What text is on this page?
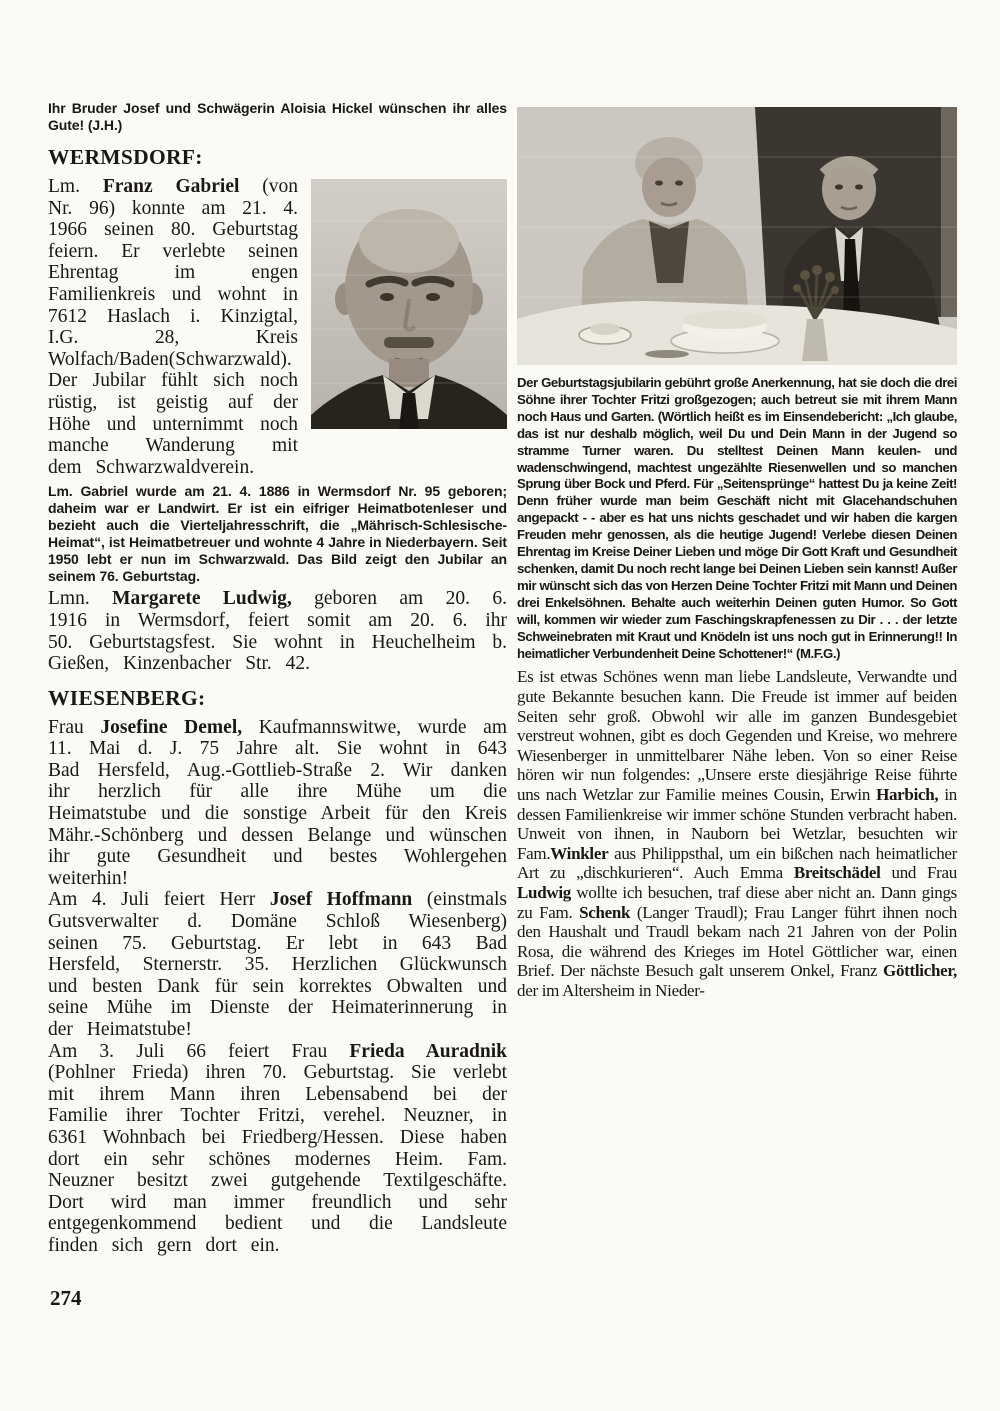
Ihr Bruder Josef und Schwägerin Aloisia Hickel wünschen ihr alles Gute! (J.H.)

WERMSDORF:
Lm. Franz Gabriel (von Nr. 96) konnte am 21. 4. 1966 seinen 80. Geburtstag feiern. Er verlebte seinen Ehrentag im engen Familienkreis und wohnt in 7612 Haslach i. Kinzigtal, I.G. 28, Kreis Wolfach/Baden(Schwarzwald). Der Jubilar fühlt sich noch rüstig, ist geistig auf der Höhe und unternimmt noch manche Wanderung mit dem Schwarzwaldverein.

Lm. Gabriel wurde am 21. 4. 1886 in Wermsdorf Nr. 95 geboren; daheim war er Landwirt. Er ist ein eifriger Heimatbotenleser und bezieht auch die Vierteljahresschrift, die „Mährisch-Schlesische-Heimat“, ist Heimatbetreuer und wohnte 4 Jahre in Niederbayern. Seit 1950 lebt er nun im Schwarzwald. Das Bild zeigt den Jubilar an seinem 76. Geburtstag.

Lmn. Margarete Ludwig, geboren am 20. 6. 1916 in Wermsdorf, feiert somit am 20. 6. ihr 50. Geburtstagsfest. Sie wohnt in Heuchelheim b. Gießen, Kinzenbacher Str. 42.

WIESENBERG:

Frau Josefine Demel, Kaufmannswitwe, wurde am 11. Mai d. J. 75 Jahre alt. Sie wohnt in 643 Bad Hersfeld, Aug.-Gottlieb-Straße 2. Wir danken ihr herzlich für alle ihre Mühe um die Heimatstube und die sonstige Arbeit für den Kreis Mähr.-Schönberg und dessen Belange und wünschen ihr gute Gesundheit und bestes Wohlergehen weiterhin!

Am 4. Juli feiert Herr Josef Hoffmann (einstmals Gutsverwalter d. Domäne Schloß Wiesenberg) seinen 75. Geburtstag. Er lebt in 643 Bad Hersfeld, Sternerstr. 35. Herzlichen Glückwunsch und besten Dank für sein korrektes Obwalten und seine Mühe im Dienste der Heimaterinnerung in der Heimatstube!

Am 3. Juli 66 feiert Frau Frieda Auradnik (Pohlner Frieda) ihren 70. Geburtstag. Sie verlebt mit ihrem Mann ihren Lebensabend bei der Familie ihrer Tochter Fritzi, verehel. Neuzner, in 6361 Wohnbach bei Friedberg/Hessen. Diese haben dort ein sehr schönes modernes Heim. Fam. Neuzner besitzt zwei gutgehende Textilgeschäfte. Dort wird man immer freundlich und sehr entgegenkommend bedient und die Landsleute finden sich gern dort ein.

Der Geburtstagsjubilarin gebührt große Anerkennung, hat sie doch die drei Söhne ihrer Tochter Fritzi großgezogen; auch betreut sie mit ihrem Mann noch Haus und Garten. (Wörtlich heißt es im Einsendebericht: „Ich glaube, das ist nur deshalb möglich, weil Du und Dein Mann in der Jugend so stramme Turner waren. Du stelltest Deinen Mann keulen- und wadenschwingend, machtest ungezählte Riesenwellen und so manchen Sprung über Bock und Pferd. Für „Seitensprünge“ hattest Du ja keine Zeit! Denn früher wurde man beim Geschäft nicht mit Glacehandschuhen angepackt - - aber es hat uns nichts geschadet und wir haben die kargen Freuden mehr genossen, als die heutige Jugend! Verlebe diesen Deinen Ehrentag im Kreise Deiner Lieben und möge Dir Gott Kraft und Gesundheit schenken, damit Du noch recht lange bei Deinen Lieben sein kannst! Außer mir wünscht sich das von Herzen Deine Tochter Fritzi mit Mann und Deinen drei Enkelsöhnen. Behalte auch weiterhin Deinen guten Humor. So Gott will, kommen wir wieder zum Faschingskrapfenessen zu Dir . . . der letzte Schweinebraten mit Kraut und Knödeln ist uns noch gut in Erinnerung!! In heimatlicher Verbundenheit Deine Schottener!“ (M.F.G.)

Es ist etwas Schönes wenn man liebe Landsleute, Verwandte und gute Bekannte besuchen kann. Die Freude ist immer auf beiden Seiten sehr groß. Obwohl wir alle im ganzen Bundesgebiet verstreut wohnen, gibt es doch Gegenden und Kreise, wo mehrere Wiesenberger in unmittelbarer Nähe leben. Von so einer Reise hören wir nun folgendes: „Unsere erste diesjährige Reise führte uns nach Wetzlar zur Familie meines Cousin, Erwin Harbich, in dessen Familienkreise wir immer schöne Stunden verbracht haben. Unweit von ihnen, in Nauborn bei Wetzlar, besuchten wir Fam.Winkler aus Philippsthal, um ein bißchen nach heimatlicher Art zu „dischkurieren“. Auch Emma Breitschädel und Frau Ludwig wollte ich besuchen, traf diese aber nicht an. Dann gings zu Fam. Schenk (Langer Traudl); Frau Langer führt ihnen noch den Haushalt und Traudl bekam nach 21 Jahren von der Polin Rosa, die während des Krieges im Hotel Göttlicher war, einen Brief. Der nächste Besuch galt unserem Onkel, Franz Göttlicher, der im Altersheim in Nieder-

274
